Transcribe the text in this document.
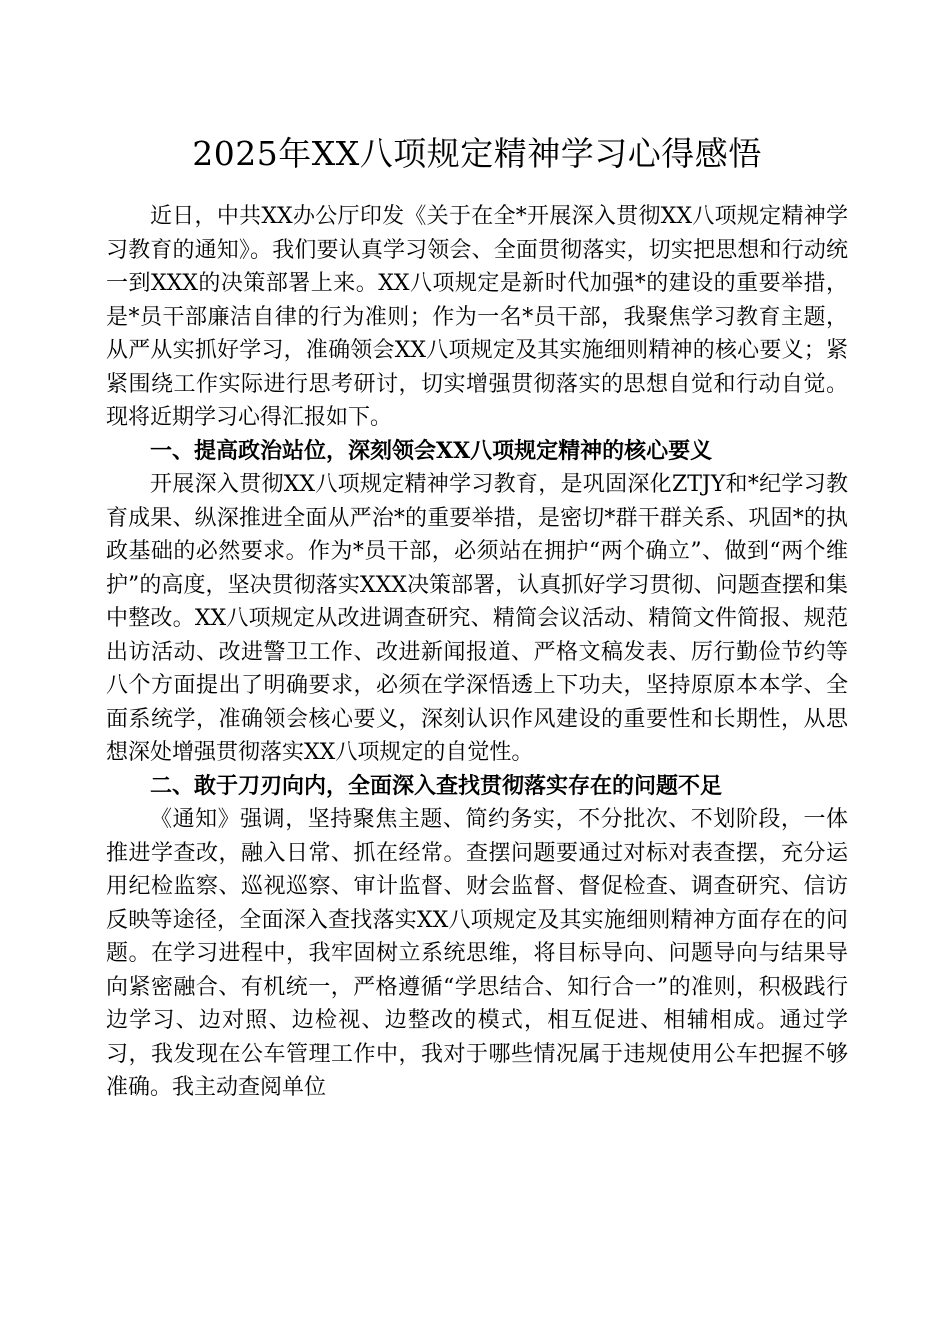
2025年XX八项规定精神学习心得感悟

近日，中共XX办公厅印发《关于在全*开展深入贯彻XX八项规定精神学习教育的通知》。我们要认真学习领会、全面贯彻落实，切实把思想和行动统一到XXX的决策部署上来。XX八项规定是新时代加强*的建设的重要举措，是*员干部廉洁自律的行为准则；作为一名*员干部，我聚焦学习教育主题，从严从实抓好学习，准确领会XX八项规定及其实施细则精神的核心要义；紧紧围绕工作实际进行思考研讨，切实增强贯彻落实的思想自觉和行动自觉。现将近期学习心得汇报如下。

一、提高政治站位，深刻领会XX八项规定精神的核心要义

开展深入贯彻XX八项规定精神学习教育，是巩固深化ZTJY和*纪学习教育成果、纵深推进全面从严治*的重要举措，是密切*群干群关系、巩固*的执政基础的必然要求。作为*员干部，必须站在拥护“两个确立”、做到“两个维护”的高度，坚决贯彻落实XXX决策部署，认真抓好学习贯彻、问题查摆和集中整改。XX八项规定从改进调查研究、精简会议活动、精简文件简报、规范出访活动、改进警卫工作、改进新闻报道、严格文稿发表、厉行勤俭节约等八个方面提出了明确要求，必须在学深悟透上下功夫，坚持原原本本学、全面系统学，准确领会核心要义，深刻认识作风建设的重要性和长期性，从思想深处增强贯彻落实XX八项规定的自觉性。

二、敢于刀刃向内，全面深入查找贯彻落实存在的问题不足

《通知》强调，坚持聚焦主题、简约务实，不分批次、不划阶段，一体推进学查改，融入日常、抓在经常。查摆问题要通过对标对表查摆，充分运用纪检监察、巡视巡察、审计监督、财会监督、督促检查、调查研究、信访反映等途径，全面深入查找落实XX八项规定及其实施细则精神方面存在的问题。在学习进程中，我牢固树立系统思维，将目标导向、问题导向与结果导向紧密融合、有机统一，严格遵循“学思结合、知行合一”的准则，积极践行边学习、边对照、边检视、边整改的模式，相互促进、相辅相成。通过学习，我发现在公车管理工作中，我对于哪些情况属于违规使用公车把握不够准确。我主动查阅单位
